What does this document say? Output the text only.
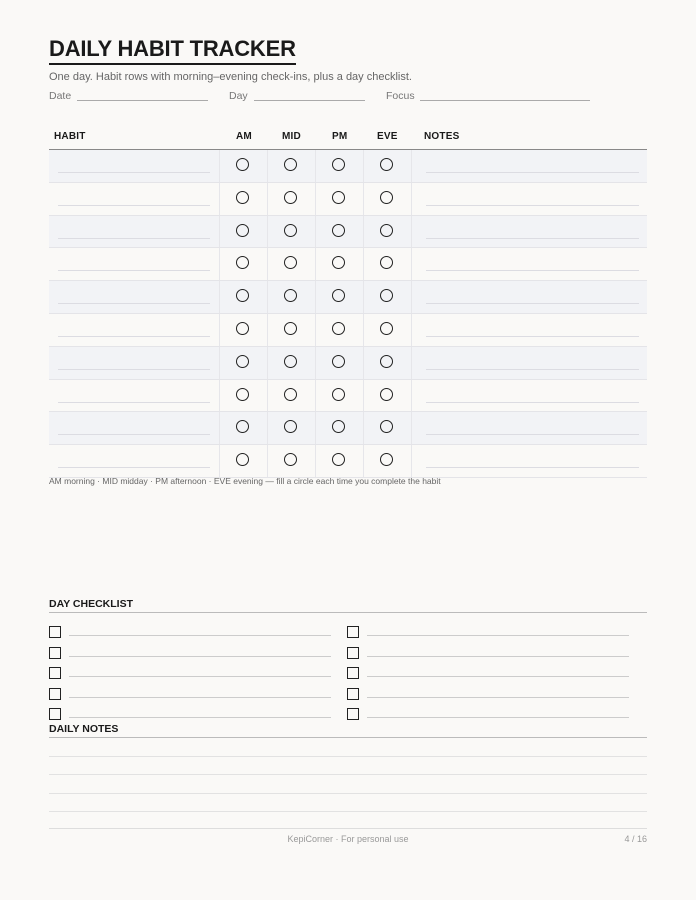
DAILY HABIT TRACKER
One day. Habit rows with morning–evening check-ins, plus a day checklist.
Date	Day	Focus
HABIT	AM	MID	PM	EVE	NOTES
AM morning · MID midday · PM afternoon · EVE evening — fill a circle each time you complete the habit
DAY CHECKLIST
DAILY NOTES
KepiCorner · For personal use	4 / 16
